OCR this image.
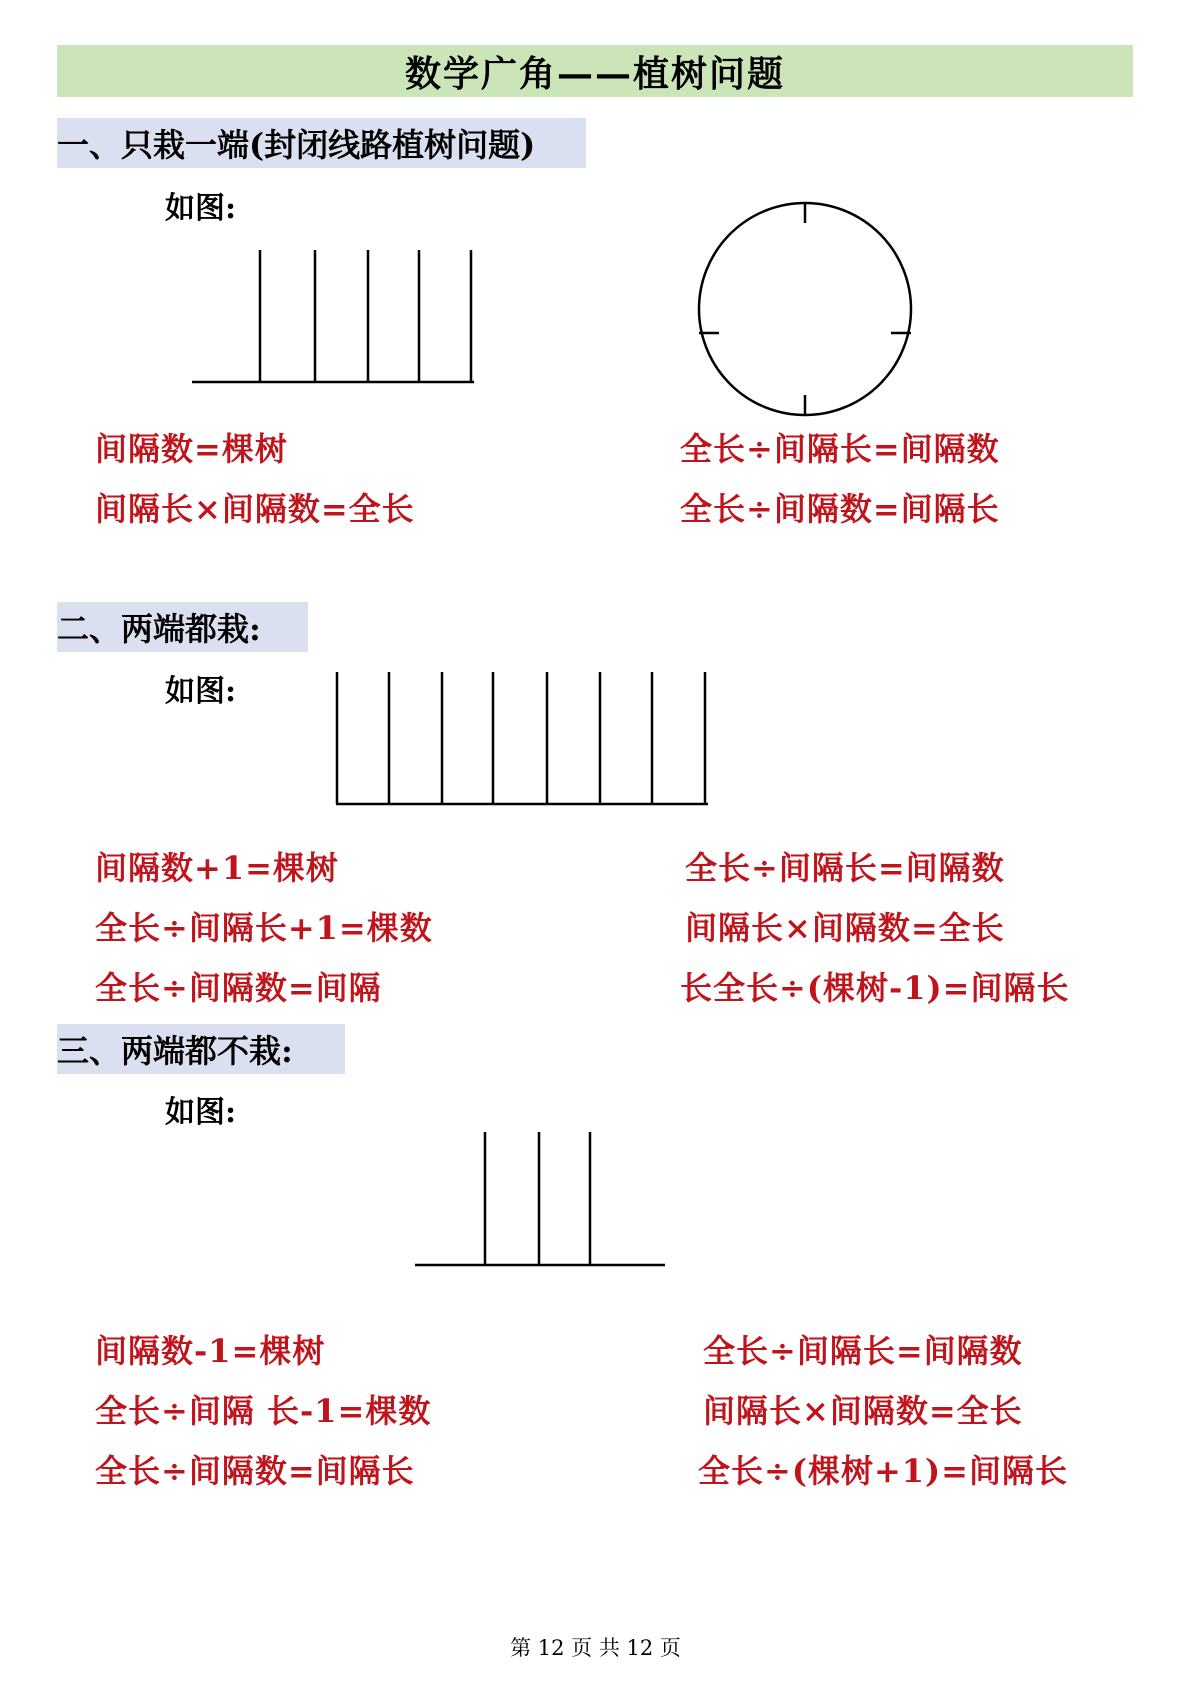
数学广角——植树问题
一、只栽一端(封闭线路植树问题)
如图:
间隔数=棵树
间隔长×间隔数=全长
全长÷间隔长=间隔数
全长÷间隔数=间隔长
二、两端都栽:
如图:
间隔数+1=棵树
全长÷间隔长+1=棵数
全长÷间隔数=间隔
全长÷间隔长=间隔数
间隔长×间隔数=全长
长全长÷(棵树-1)=间隔长
三、两端都不栽:
如图:
间隔数-1=棵树
全长÷间隔 长-1=棵数
全长÷间隔数=间隔长
全长÷间隔长=间隔数
间隔长×间隔数=全长
全长÷(棵树+1)=间隔长
第 12 页 共 12 页
